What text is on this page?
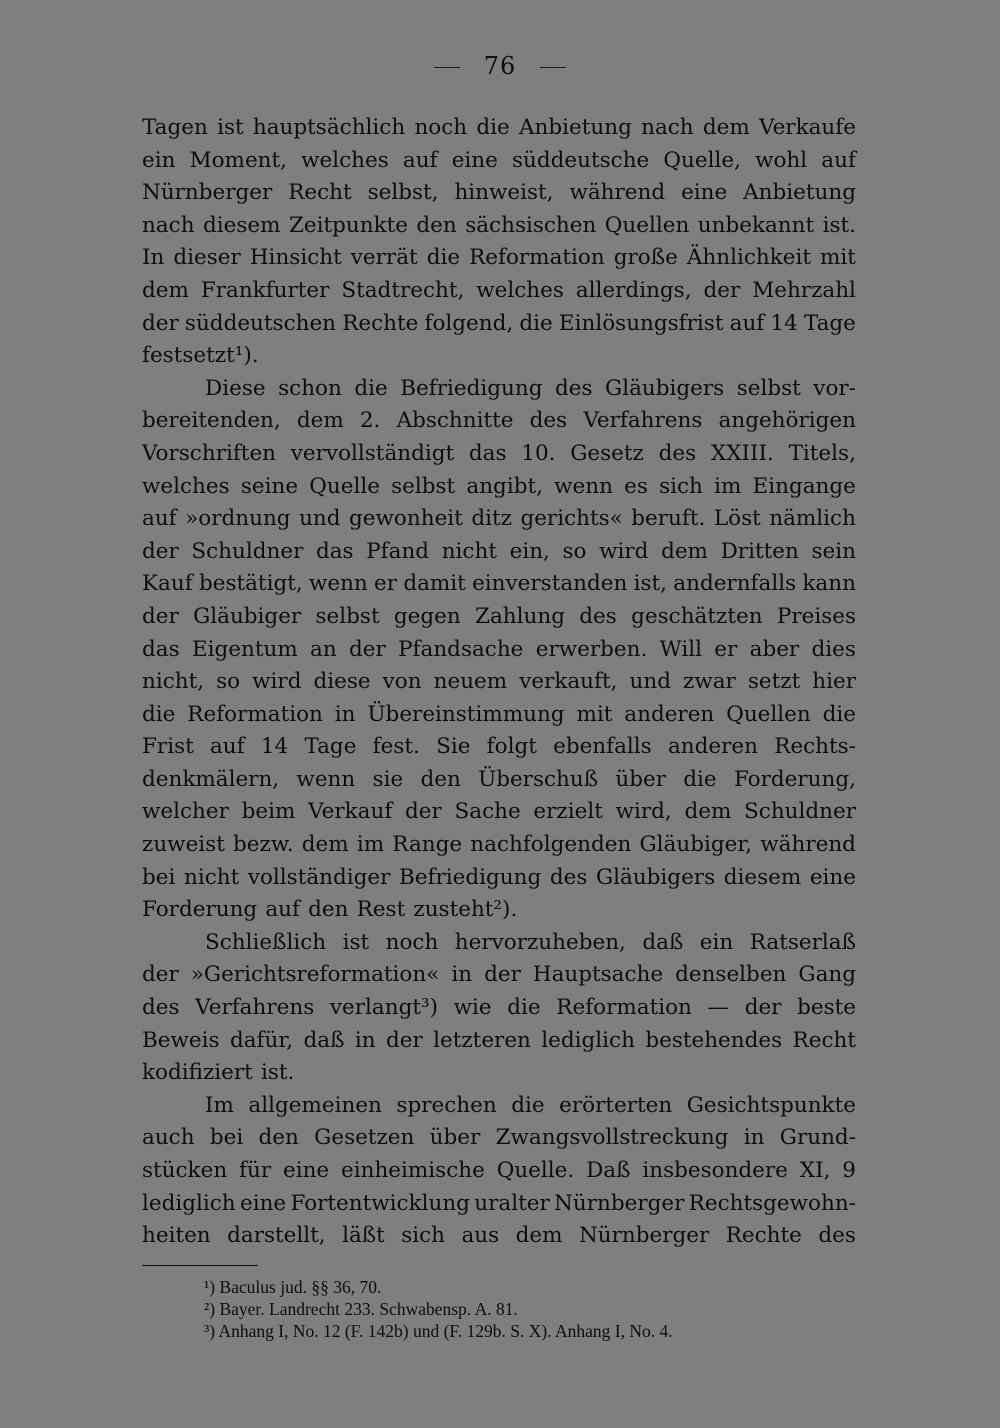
76
Tagen ist hauptsächlich noch die Anbietung nach dem Verkaufe
ein Moment, welches auf eine süddeutsche Quelle, wohl auf
Nürnberger Recht selbst, hinweist, während eine Anbietung
nach diesem Zeitpunkte den sächsischen Quellen unbekannt ist.
In dieser Hinsicht verrät die Reformation große Ähnlichkeit mit
dem Frankfurter Stadtrecht, welches allerdings, der Mehrzahl
der süddeutschen Rechte folgend, die Einlösungsfrist auf 14 Tage
festsetzt¹).
Diese schon die Befriedigung des Gläubigers selbst vor-
bereitenden, dem 2. Abschnitte des Verfahrens angehörigen
Vorschriften vervollständigt das 10. Gesetz des XXIII. Titels,
welches seine Quelle selbst angibt, wenn es sich im Eingange
auf »ordnung und gewonheit ditz gerichts« beruft. Löst nämlich
der Schuldner das Pfand nicht ein, so wird dem Dritten sein
Kauf bestätigt, wenn er damit einverstanden ist, andernfalls kann
der Gläubiger selbst gegen Zahlung des geschätzten Preises
das Eigentum an der Pfandsache erwerben. Will er aber dies
nicht, so wird diese von neuem verkauft, und zwar setzt hier
die Reformation in Übereinstimmung mit anderen Quellen die
Frist auf 14 Tage fest. Sie folgt ebenfalls anderen Rechts-
denkmälern, wenn sie den Überschuß über die Forderung,
welcher beim Verkauf der Sache erzielt wird, dem Schuldner
zuweist bezw. dem im Range nachfolgenden Gläubiger, während
bei nicht vollständiger Befriedigung des Gläubigers diesem eine
Forderung auf den Rest zusteht²).
Schließlich ist noch hervorzuheben, daß ein Ratserlaß
der »Gerichtsreformation« in der Hauptsache denselben Gang
des Verfahrens verlangt³) wie die Reformation — der beste
Beweis dafür, daß in der letzteren lediglich bestehendes Recht
kodifiziert ist.
Im allgemeinen sprechen die erörterten Gesichtspunkte
auch bei den Gesetzen über Zwangsvollstreckung in Grund-
stücken für eine einheimische Quelle. Daß insbesondere XI, 9
lediglich eine Fortentwicklung uralter Nürnberger Rechtsgewohn-
heiten darstellt, läßt sich aus dem Nürnberger Rechte des
¹) Baculus jud. §§ 36, 70.
²) Bayer. Landrecht 233. Schwabensp. A. 81.
³) Anhang I, No. 12 (F. 142b) und (F. 129b. S. X). Anhang I, No. 4.
